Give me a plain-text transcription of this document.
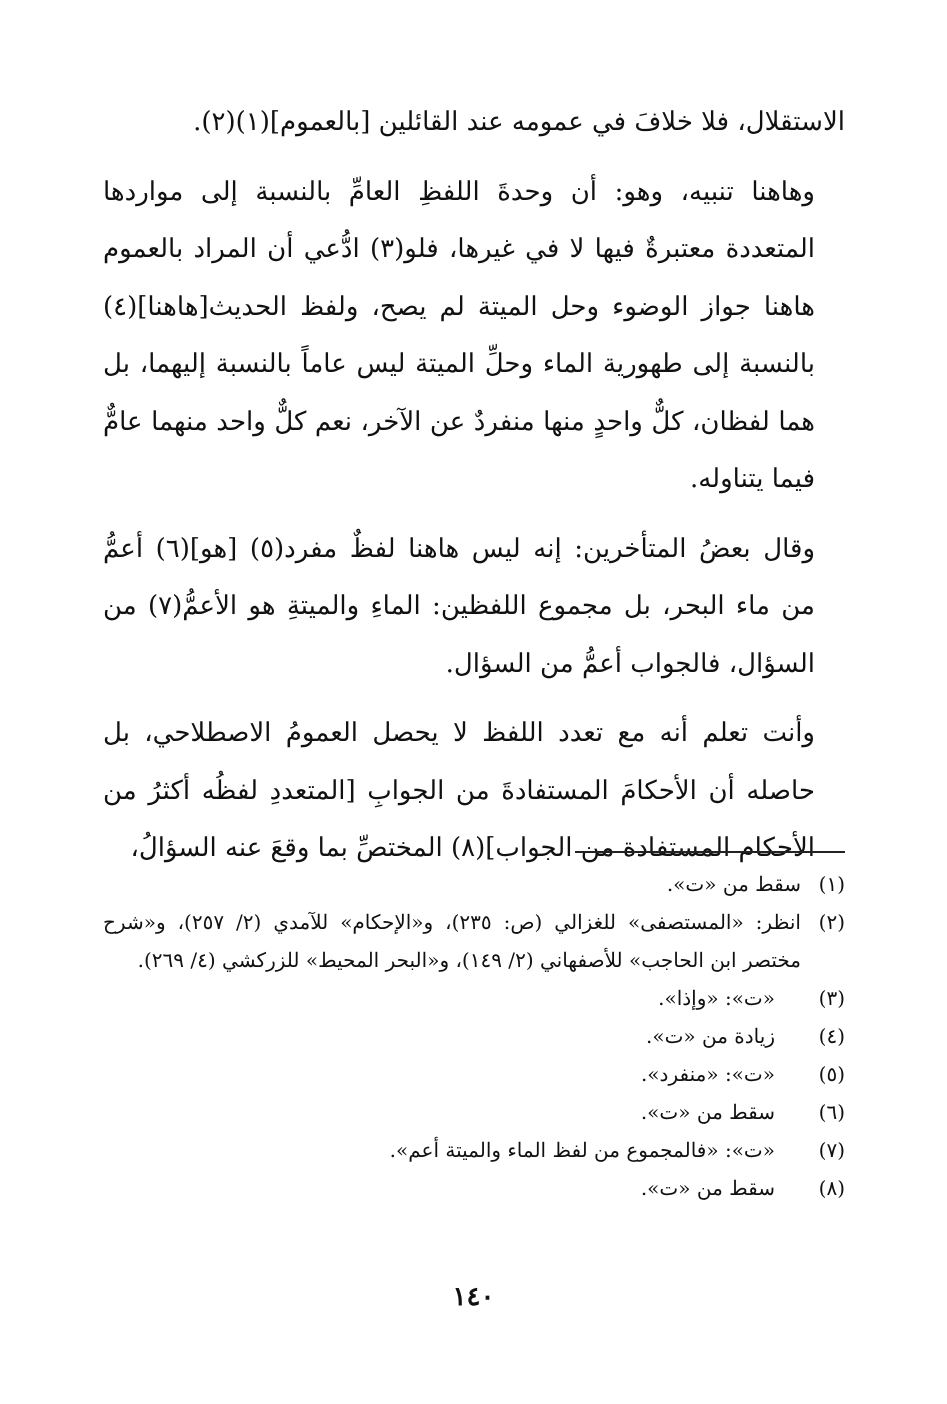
الاستقلال، فلا خلافَ في عمومه عند القائلين [بالعموم](١)(٢).

وهاهنا تنبيه، وهو: أن وحدةَ اللفظِ العامِّ بالنسبة إلى مواردها المتعددة معتبرةٌ فيها لا في غيرها، فلو(٣) ادُّعي أن المراد بالعموم هاهنا جواز الوضوء وحل الميتة لم يصح، ولفظ الحديث[هاهنا](٤) بالنسبة إلى طهورية الماء وحلِّ الميتة ليس عاماً بالنسبة إليهما، بل هما لفظان، كلٌّ واحدٍ منها منفردٌ عن الآخر، نعم كلٌّ واحد منهما عامٌّ فيما يتناوله.

وقال بعضُ المتأخرين: إنه ليس هاهنا لفظٌ مفرد(٥) [هو](٦) أعمُّ من ماء البحر، بل مجموع اللفظين: الماءِ والميتةِ هو الأعمُّ(٧) من السؤال، فالجواب أعمُّ من السؤال.

وأنت تعلم أنه مع تعدد اللفظ لا يحصل العمومُ الاصطلاحي، بل حاصله أن الأحكامَ المستفادةَ من الجوابِ [المتعددِ لفظُه أكثرُ من الأحكام المستفادة من الجواب](٨) المختصِّ بما وقعَ عنه السؤالُ،

(١)
سقط من «ت».
(٢)
انظر: «المستصفى» للغزالي (ص: ٢٣٥)، و«الإحكام» للآمدي (٢/ ٢٥٧)، و«شرح مختصر ابن الحاجب» للأصفهاني (٢/ ١٤٩)، و«البحر المحيط» للزركشي (٤/ ٢٦٩).
(٣)
«ت»: «وإذا».
(٤)
زيادة من «ت».
(٥)
«ت»: «منفرد».
(٦)
سقط من «ت».
(٧)
«ت»: «فالمجموع من لفظ الماء والميتة أعم».
(٨)
سقط من «ت».
١٤٠
